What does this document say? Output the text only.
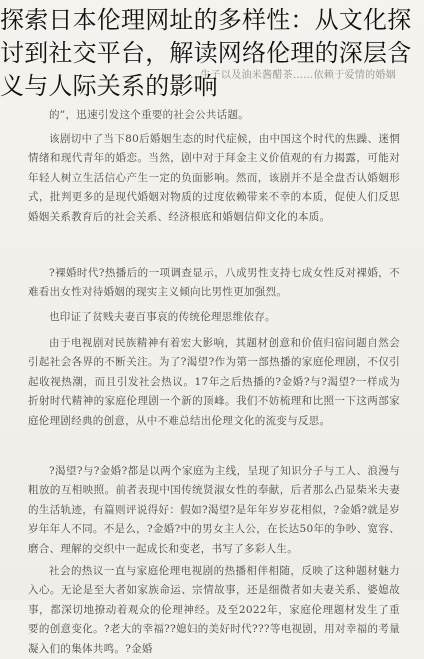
…生子以及油米酱醋茶……依赖于爱情的婚姻

的”，迅速引发这个重要的社会公共话题。

该剧切中了当下80后婚姻生态的时代症候，由中国这个时代的焦躁、迷惘情绪和现代青年的婚恋。当然，剧中对于拜金主义价值观的有力揭露，可能对年轻人树立生活信心产生一定的负面影响。然而，该剧并不是全盘否认婚姻形式，批判更多的是现代婚姻对物质的过度依赖带来不幸的本质，促使人们反思婚姻关系教育后的社会关系、经济根底和婚姻信仰文化的本质。

?裸婚时代?热播后的一项调查显示，八成男性支持七成女性反对裸婚，不难看出女性对待婚姻的现实主义倾向比男性更加强烈。

也印证了贫贱夫妻百事哀的传统伦理思维依存。

由于电视剧对民族精神有着宏大影响，其题材创意和价值归宿问题自然会引起社会各界的不断关注。为了?渴望?作为第一部热播的家庭伦理剧，不仅引起收视热潮，而且引发社会热议。17年之后热播的?金婚?与?渴望?一样成为折射时代精神的家庭伦理剧一个新的顶峰。我们不妨梳理和比照一下这两部家庭伦理剧经典的创意，从中不难总结出伦理文化的流变与反思。

?渴望?与?金婚?都是以两个家庭为主线，呈现了知识分子与工人、浪漫与粗放的互相映照。前者表现中国传统贤淑女性的奉献，后者那么凸显柴米夫妻的生活轨迹，有篇则评说得好：假如?渴望?是年年岁岁花相似，?金婚?就是岁岁年年人不同。不是么，?金婚?中的男女主人公，在长达50年的争吵、宽容、磨合、理解的交织中一起成长和变老，书写了多彩人生。

社会的热议一直与家庭伦理电视剧的热播相伴相随，反映了这种题材魅力入心。无论是至大者如家族命运、宗情故事，还是细微者如夫妻关系、婆媳故事，都深切地撩动着观众的伦理神经。及至2022年，家庭伦理题材发生了重要的创意变化。?老大的幸福??媳妇的美好时代???等电视剧，用对幸福的考量凝入们的集体共鸣。?金婚

探索日本伦理网址的多样性：从文化探讨到社交平台，解读网络伦理的深层含义与人际关系的影响
